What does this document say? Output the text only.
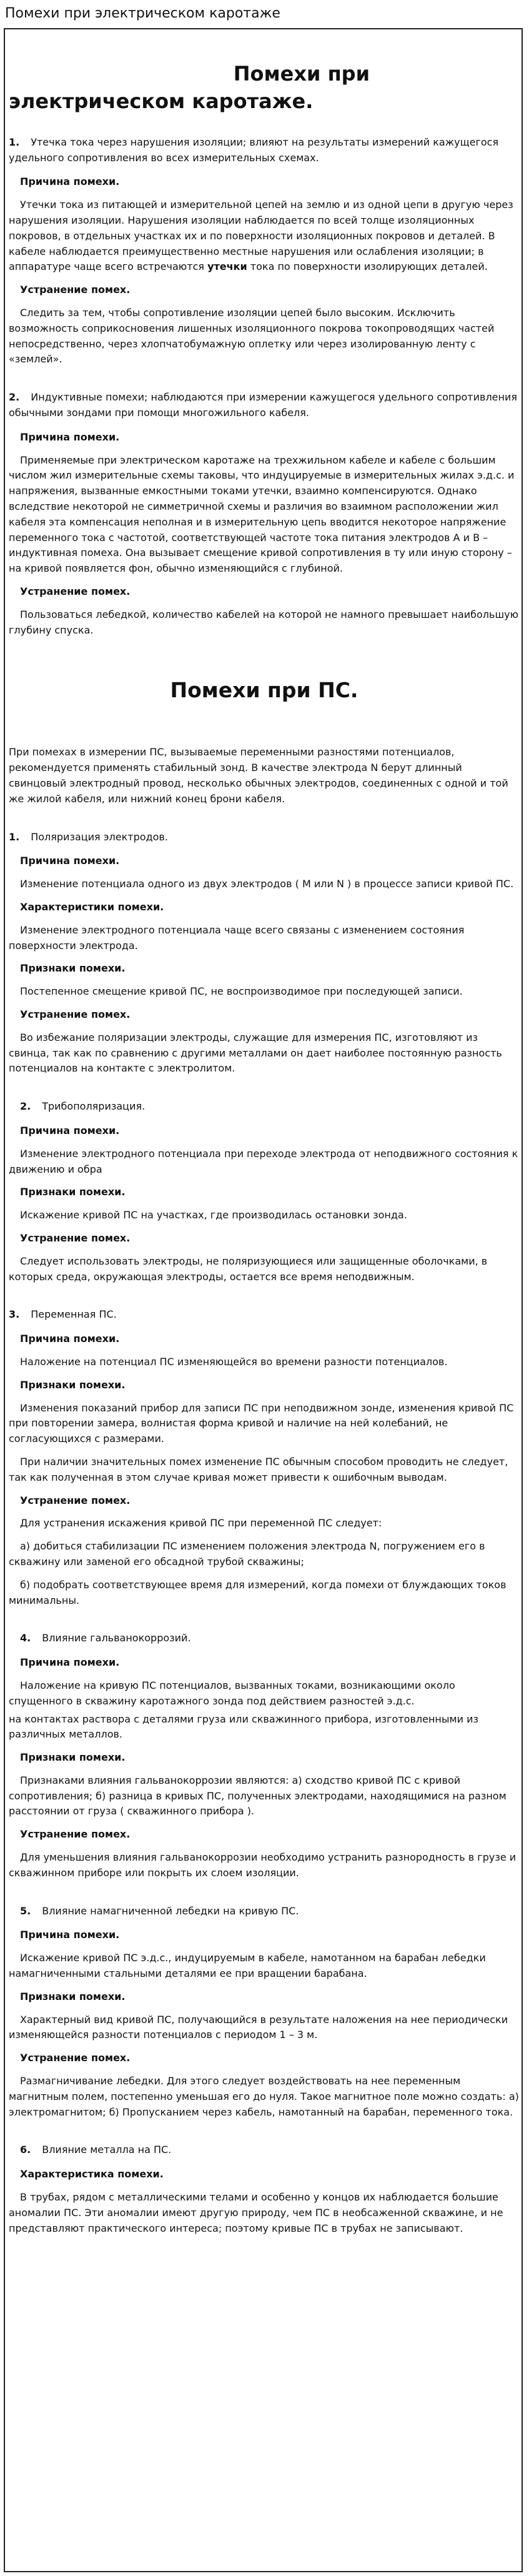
Помехи при электрическом каротаже
Помехи при
электрическом каротаже.

1. Утечка тока через нарушения изоляции; влияют на результаты измерений кажущегося удельного сопротивления во всех измерительных схемах.

Причина помехи.

Утечки тока из питающей и измерительной цепей на землю и из одной цепи в другую через нарушения изоляции. Нарушения изоляции наблюдается по всей толще изоляционных покровов, в отдельных участках их и по поверхности изоляционных покровов и деталей. В кабеле наблюдается преимущественно местные нарушения или ослабления изоляции; в аппаратуре чаще всего встречаются утечки тока по поверхности изолирующих деталей.

Устранение помех.

Следить за тем, чтобы сопротивление изоляции цепей было высоким. Исключить возможность соприкосновения лишенных изоляционного покрова токопроводящих частей непосредственно, через хлопчатобумажную оплетку или через изолированную ленту с «землей».

2. Индуктивные помехи; наблюдаются при измерении кажущегося удельного сопротивления обычными зондами при помощи многожильного кабеля.

Причина помехи.

Применяемые при электрическом каротаже на трехжильном кабеле и кабеле с большим числом жил измерительные схемы таковы, что индуцируемые в измерительных жилах э.д.с. и напряжения, вызванные емкостными токами утечки, взаимно компенсируются. Однако вследствие некоторой не симметричной схемы и различия во взаимном расположении жил кабеля эта компенсация неполная и в измерительную цепь вводится некоторое напряжение переменного тока с частотой, соответствующей частоте тока питания электродов A и B – индуктивная помеха. Она вызывает смещение кривой сопротивления в ту или иную сторону – на кривой появляется фон, обычно изменяющийся с глубиной.

Устранение помех.

Пользоваться лебедкой, количество кабелей на которой не намного превышает наибольшую глубину спуска.

Помехи при ПС.

При помехах в измерении ПС, вызываемые переменными разностями потенциалов, рекомендуется применять стабильный зонд. В качестве электрода N берут длинный свинцовый электродный провод, несколько обычных электродов, соединенных с одной и той же жилой кабеля, или нижний конец брони кабеля.

1. Поляризация электродов.

Причина помехи.

Изменение потенциала одного из двух электродов ( M или N ) в процессе записи кривой ПС.

Характеристики помехи.

Изменение электродного потенциала чаще всего связаны с изменением состояния поверхности электрода.

Признаки помехи.

Постепенное смещение кривой ПС, не воспроизводимое при последующей записи.

Устранение помех.

Во избежание поляризации электроды, служащие для измерения ПС, изготовляют из свинца, так как по сравнению с другими металлами он дает наиболее постоянную разность потенциалов на контакте с электролитом.

2. Трибополяризация.

Причина помехи.

Изменение электродного потенциала при переходе электрода от неподвижного состояния к движению и обра

Признаки помехи.

Искажение кривой ПС на участках, где производилась остановки зонда.

Устранение помех.

Следует использовать электроды, не поляризующиеся или защищенные оболочками, в которых среда, окружающая электроды, остается все время неподвижным.

3. Переменная ПС.

Причина помехи.

Наложение на потенциал ПС изменяющейся во времени разности потенциалов.

Признаки помехи.

Изменения показаний прибор для записи ПС при неподвижном зонде, изменения кривой ПС при повторении замера, волнистая форма кривой и наличие на ней колебаний, не согласующихся с размерами.

При наличии значительных помех изменение ПС обычным способом проводить не следует, так как полученная в этом случае кривая может привести к ошибочным выводам.

Устранение помех.

Для устранения искажения кривой ПС при переменной ПС следует:

а) добиться стабилизации ПС изменением положения электрода N, погружением его в скважину или заменой его обсадной трубой скважины;

б) подобрать соответствующее время для измерений, когда помехи от блуждающих токов минимальны.

4. Влияние гальванокоррозий.

Причина помехи.

Наложение на кривую ПС потенциалов, вызванных токами, возникающими около спущенного в скважину каротажного зонда под действием разностей э.д.с.

на контактах раствора с деталями груза или скважинного прибора, изготовленными из различных металлов.

Признаки помехи.

Признаками влияния гальванокоррозии являются: а) сходство кривой ПС с кривой сопротивления; б) разница в кривых ПС, полученных электродами, находящимися на разном расстоянии от груза ( скважинного прибора ).

Устранение помех.

Для уменьшения влияния гальванокоррозии необходимо устранить разнородность в грузе и скважинном приборе или покрыть их слоем изоляции.

5. Влияние намагниченной лебедки на кривую ПС.

Причина помехи.

Искажение кривой ПС э.д.с., индуцируемым в кабеле, намотанном на барабан лебедки намагниченными стальными деталями ее при вращении барабана.

Признаки помехи.

Характерный вид кривой ПС, получающийся в результате наложения на нее периодически изменяющейся разности потенциалов с периодом 1 – 3 м.

Устранение помех.

Размагничивание лебедки. Для этого следует воздействовать на нее переменным магнитным полем, постепенно уменьшая его до нуля. Такое магнитное поле можно создать: а) электромагнитом; б) Пропусканием через кабель, намотанный на барабан, переменного тока.

6. Влияние металла на ПС.

Характеристика помехи.

В трубах, рядом с металлическими телами и особенно у концов их наблюдается большие аномалии ПС. Эти аномалии имеют другую природу, чем ПС в необсаженной скважине, и не представляют практического интереса; поэтому кривые ПС в трубах не записывают.
